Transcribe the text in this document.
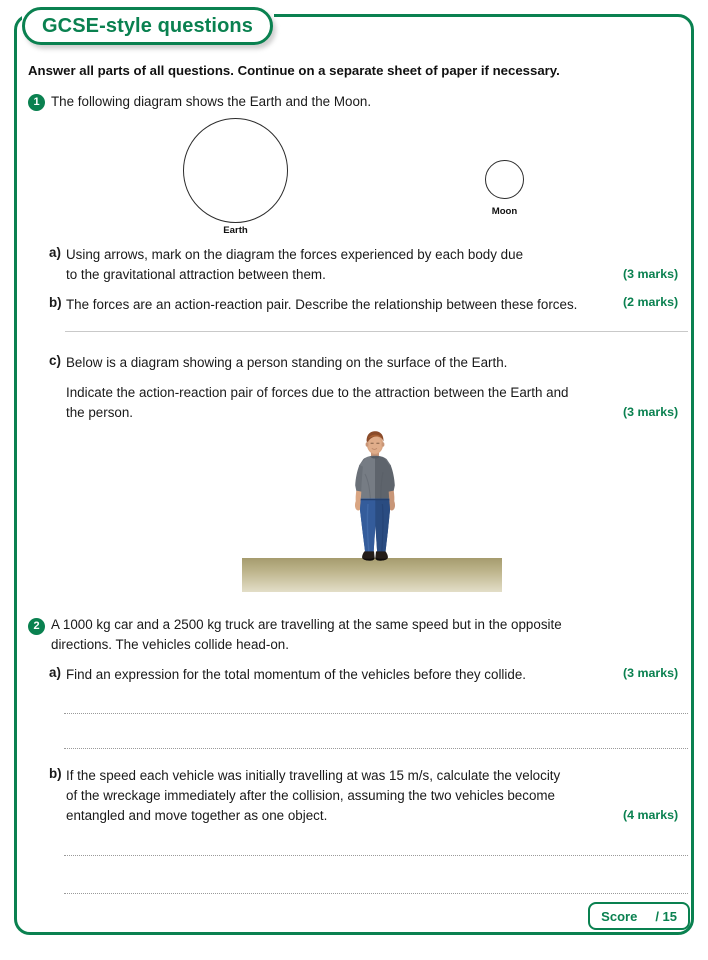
GCSE-style questions
Answer all parts of all questions. Continue on a separate sheet of paper if necessary.
1 The following diagram shows the Earth and the Moon.
Earth
Moon
a) Using arrows, mark on the diagram the forces experienced by each body due
to the gravitational attraction between them.	(3 marks)
b) The forces are an action-reaction pair. Describe the relationship between these forces.	(2 marks)
c) Below is a diagram showing a person standing on the surface of the Earth.
Indicate the action-reaction pair of forces due to the attraction between the Earth and
the person.	(3 marks)
2 A 1000 kg car and a 2500 kg truck are travelling at the same speed but in the opposite
directions. The vehicles collide head-on.
a) Find an expression for the total momentum of the vehicles before they collide.	(3 marks)
b) If the speed each vehicle was initially travelling at was 15 m/s, calculate the velocity
of the wreckage immediately after the collision, assuming the two vehicles become
entangled and move together as one object.	(4 marks)
Score / 15
